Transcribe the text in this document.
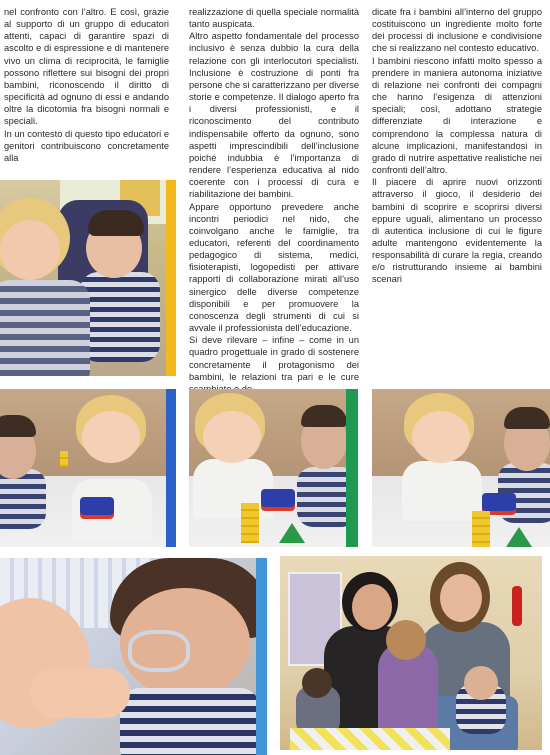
nel confronto con l’altro. E così, grazie al supporto di un gruppo di educatori attenti, capaci di garantire spazi di ascolto e di espressione e di mantenere vivo un clima di reciprocità, le famiglie possono riflettere sui bisogni dei propri bambini, riconoscendo il diritto di specificità ad ognuno di essi e andando oltre la dicotomia fra bisogni normali e speciali.

In un contesto di questo tipo educatori e genitori contribuiscono concretamente alla

realizzazione di quella speciale normalità tanto auspicata.

Altro aspetto fondamentale del processo inclusivo è senza dubbio la cura della relazione con gli interlocutori specialisti. Inclusione è costruzione di ponti fra persone che si caratterizzano per diverse storie e competenze. Il dialogo aperto fra i diversi professionisti, e il riconoscimento del contributo indispensabile offerto da ognuno, sono aspetti imprescindibili dell’inclusione poiché indubbia è l’importanza di rendere l’esperienza educativa al nido coerente con i processi di cura e riabilitazione dei bambini.

Appare opportuno prevedere anche incontri periodici nel nido, che coinvolgano anche le famiglie, tra educatori, referenti del coordinamento pedagogico di sistema, medici, fisioterapisti, logopedisti per attivare rapporti di collaborazione mirati all’uso sinergico delle diverse competenze disponibili e per promuovere la conoscenza degli strumenti di cui si avvale il professionista dell’educazione.

Si deve rilevare – infine – come in un quadro progettuale in grado di sostenere concretamente il protagonismo dei bambini, le relazioni tra pari e le cure

dicate fra i bambini all’interno del gruppo costituiscono un ingrediente molto forte dei processi di inclusione e condivisione che si realizzano nel contesto educativo.

I bambini riescono infatti molto spesso a prendere in maniera autonoma iniziative di relazione nei confronti dei compagni che hanno l’esigenza di attenzioni speciali; così, adottano strategie differenziate di interazione e comprendono la complessa natura di alcune implicazioni, manifestandosi in grado di nutrire aspettative realistiche nei confronti dell’altro.

Il piacere di aprire nuovi orizzonti attraverso il gioco, il desiderio dei bambini di scoprire e scoprirsi diversi eppure uguali, alimentano un processo di autentica inclusione di cui le figure adulte mantengono evidentemente la responsabilità di curare la regia, creando e/o ristrutturando insieme ai bambini scenari
